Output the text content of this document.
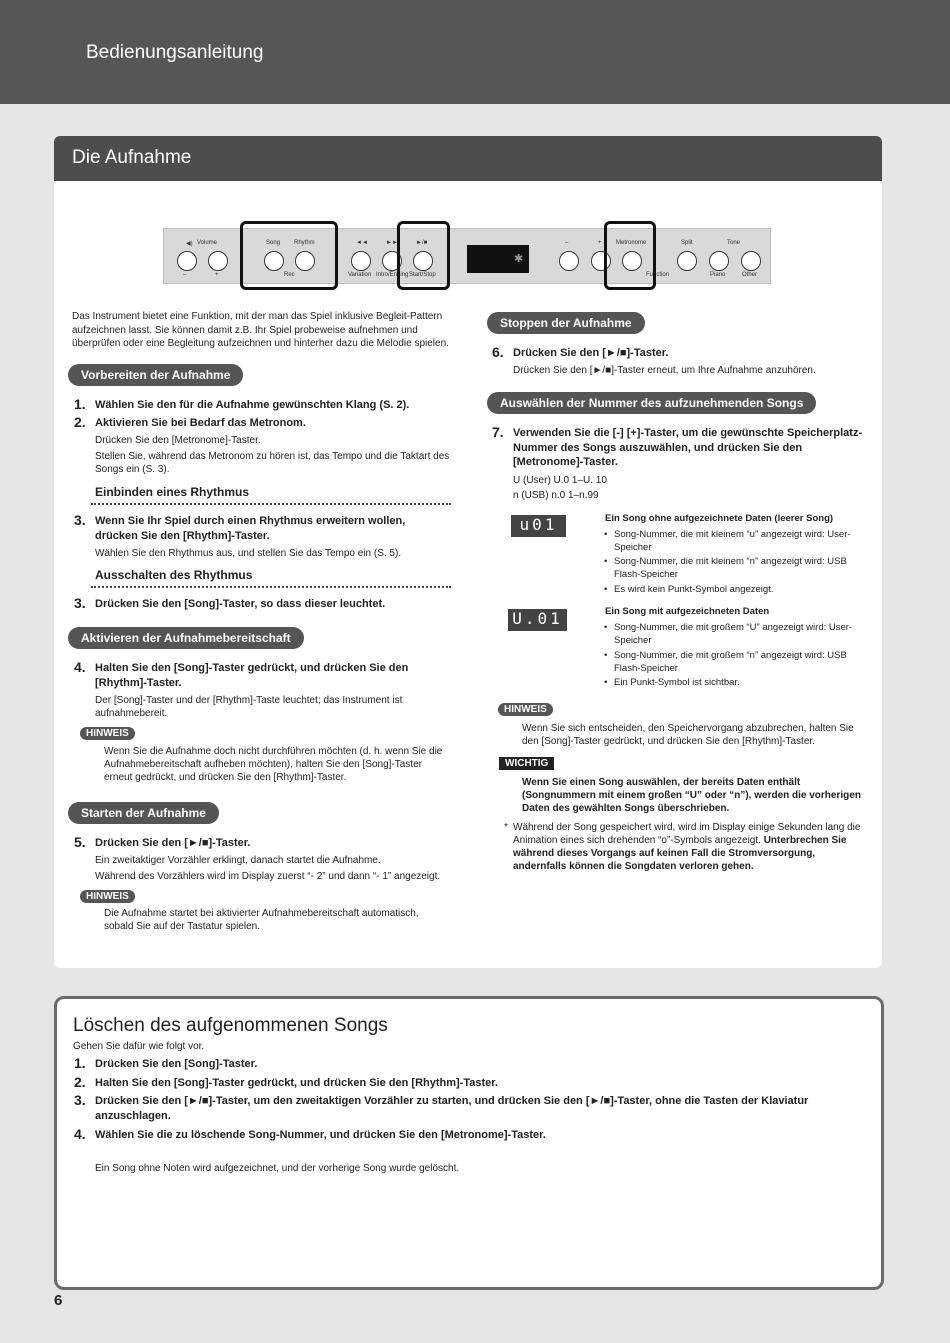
Bedienungsanleitung
Die Aufnahme
◀) Volume
–	+
Song Rhythm
Rec
◄◄	►►	►/■
Variation Intro/Ending Start/Stop
✱
–	+ Metronome
Function
Split	Tone
Piano	Other
Das Instrument bietet eine Funktion, mit der man das Spiel inklusive Begleit-Pattern aufzeichnen lasst. Sie können damit z.B. Ihr Spiel probeweise aufnehmen und überprüfen oder eine Begleitung aufzeichnen und hinterher dazu die Melodie spielen.
Vorbereiten der Aufnahme
1. Wählen Sie den für die Aufnahme gewünschten Klang (S. 2).
2. Aktivieren Sie bei Bedarf das Metronom.
Drücken Sie den [Metronome]-Taster.
Stellen Sie, während das Metronom zu hören ist, das Tempo und die Taktart des Songs ein (S. 3).
Einbinden eines Rhythmus
3. Wenn Sie Ihr Spiel durch einen Rhythmus erweitern wollen, drücken Sie den [Rhythm]-Taster.
Wählen Sie den Rhythmus aus, und stellen Sie das Tempo ein (S. 5).
Ausschalten des Rhythmus
3. Drücken Sie den [Song]-Taster, so dass dieser leuchtet.
Aktivieren der Aufnahmebereitschaft
4. Halten Sie den [Song]-Taster gedrückt, und drücken Sie den [Rhythm]-Taster.
Der [Song]-Taster und der [Rhythm]-Taste leuchtet; das Instrument ist aufnahmebereit.
HINWEIS
Wenn Sie die Aufnahme doch nicht durchführen möchten (d. h. wenn Sie die Aufnahmebereitschaft aufheben möchten), halten Sie den [Song]-Taster erneut gedrückt, und drücken Sie den [Rhythm]-Taster.
Starten der Aufnahme
5. Drücken Sie den [►/■]-Taster.
Ein zweitaktiger Vorzähler erklingt, danach startet die Aufnahme.
Während des Vorzählers wird im Display zuerst “- 2” und dann “- 1” angezeigt.
HINWEIS
Die Aufnahme startet bei aktivierter Aufnahmebereitschaft automatisch, sobald Sie auf der Tastatur spielen.
Stoppen der Aufnahme
6. Drücken Sie den [►/■]-Taster.
Drücken Sie den [►/■]-Taster erneut, um Ihre Aufnahme anzuhören.
Auswählen der Nummer des aufzunehmenden Songs
7. Verwenden Sie die [-] [+]-Taster, um die gewünschte Speicherplatz-Nummer des Songs auszuwählen, und drücken Sie den [Metronome]-Taster.
U (User) U.0 1–U. 10
n (USB) n.0 1–n.99
u01	Ein Song ohne aufgezeichnete Daten (leerer Song)
• Song-Nummer, die mit kleinem “u” angezeigt wird: User-Speicher
• Song-Nummer, die mit kleinem “n” angezeigt wird: USB Flash-Speicher
• Es wird kein Punkt-Symbol angezeigt.
U.01	Ein Song mit aufgezeichneten Daten
• Song-Nummer, die mit großem “U” angezeigt wird: User-Speicher
• Song-Nummer, die mit großem “n” angezeigt wird: USB Flash-Speicher
• Ein Punkt-Symbol ist sichtbar.
HINWEIS
Wenn Sie sich entscheiden, den Speichervorgang abzubrechen, halten Sie den [Song]-Taster gedrückt, und drücken Sie den [Rhythm]-Taster.
WICHTIG
Wenn Sie einen Song auswählen, der bereits Daten enthält (Songnummern mit einem großen “U” oder “n”), werden die vorherigen Daten des gewählten Songs überschrieben.
* Während der Song gespeichert wird, wird im Display einige Sekunden lang die Animation eines sich drehenden “o”-Symbols angezeigt. Unterbrechen Sie während dieses Vorgangs auf keinen Fall die Stromversorgung, andernfalls können die Songdaten verloren gehen.
Löschen des aufgenommenen Songs
Gehen Sie dafür wie folgt vor.
1. Drücken Sie den [Song]-Taster.
2. Halten Sie den [Song]-Taster gedrückt, und drücken Sie den [Rhythm]-Taster.
3. Drücken Sie den [►/■]-Taster, um den zweitaktigen Vorzähler zu starten, und drücken Sie den [►/■]-Taster, ohne die Tasten der Klaviatur anzuschlagen.
4. Wählen Sie die zu löschende Song-Nummer, und drücken Sie den [Metronome]-Taster.
Ein Song ohne Noten wird aufgezeichnet, und der vorherige Song wurde gelöscht.
6
